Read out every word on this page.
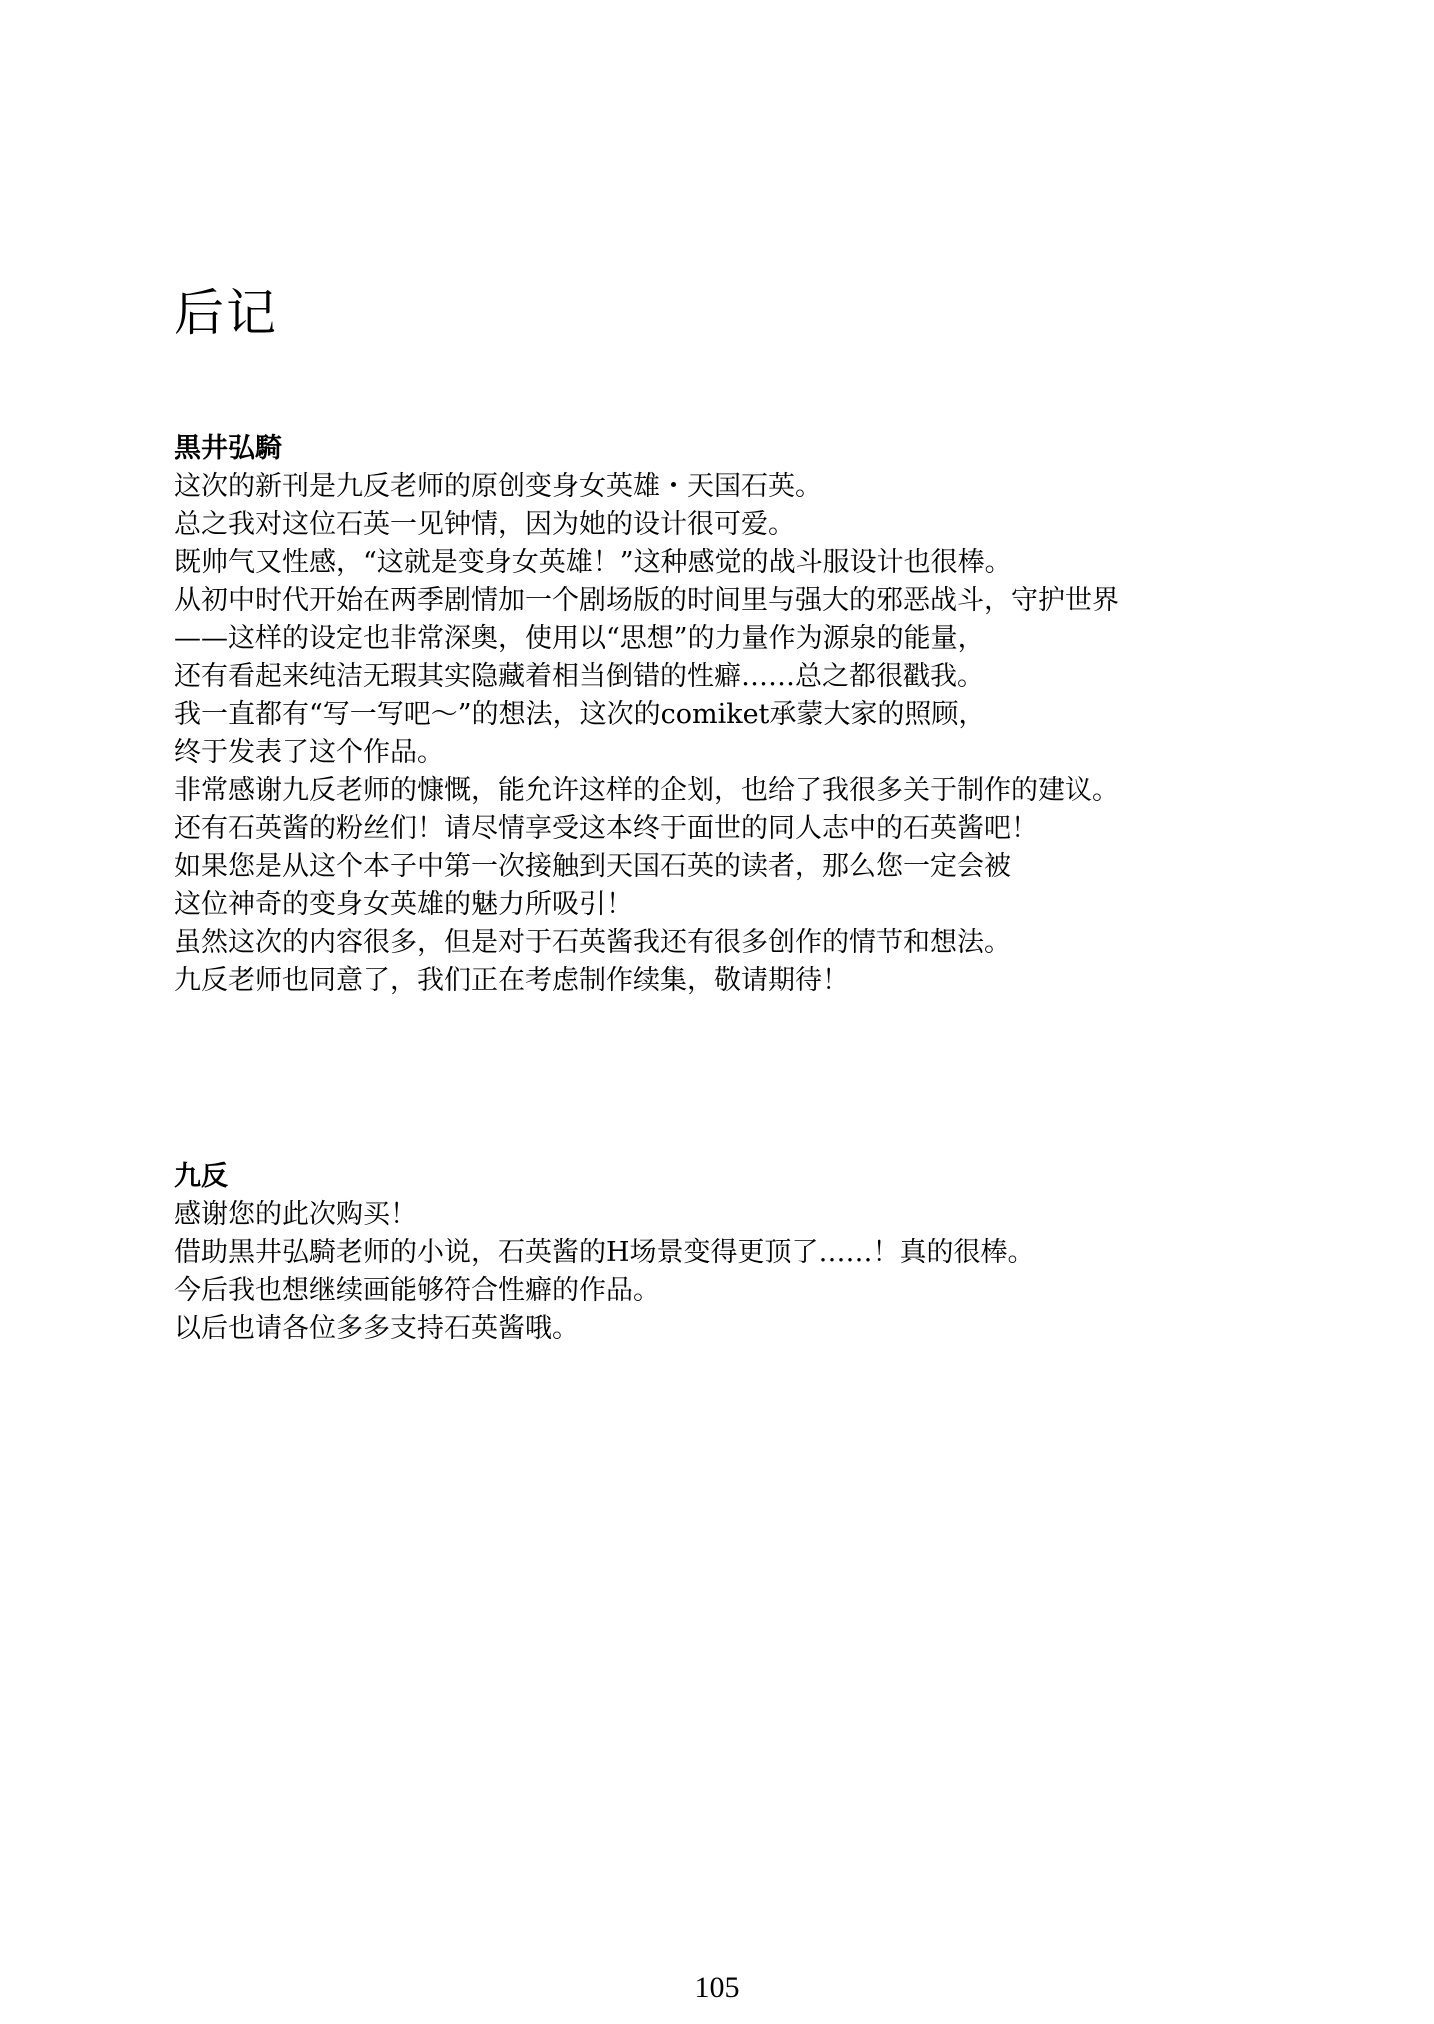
后记
黒井弘騎
这次的新刊是九反老师的原创变身女英雄・天国石英。
总之我对这位石英一见钟情，因为她的设计很可爱。
既帅气又性感，“这就是变身女英雄！”这种感觉的战斗服设计也很棒。
从初中时代开始在两季剧情加一个剧场版的时间里与强大的邪恶战斗，守护世界
——这样的设定也非常深奥，使用以“思想”的力量作为源泉的能量，
还有看起来纯洁无瑕其实隐藏着相当倒错的性癖……总之都很戳我。
我一直都有“写一写吧～”的想法，这次的comiket承蒙大家的照顾，
终于发表了这个作品。
非常感谢九反老师的慷慨，能允许这样的企划，也给了我很多关于制作的建议。
还有石英酱的粉丝们！请尽情享受这本终于面世的同人志中的石英酱吧！
如果您是从这个本子中第一次接触到天国石英的读者，那么您一定会被
这位神奇的变身女英雄的魅力所吸引！
虽然这次的内容很多，但是对于石英酱我还有很多创作的情节和想法。
九反老师也同意了，我们正在考虑制作续集，敬请期待！
九反
感谢您的此次购买！
借助黒井弘騎老师的小说，石英酱的H场景变得更顶了……！真的很棒。
今后我也想继续画能够符合性癖的作品。
以后也请各位多多支持石英酱哦。
105
